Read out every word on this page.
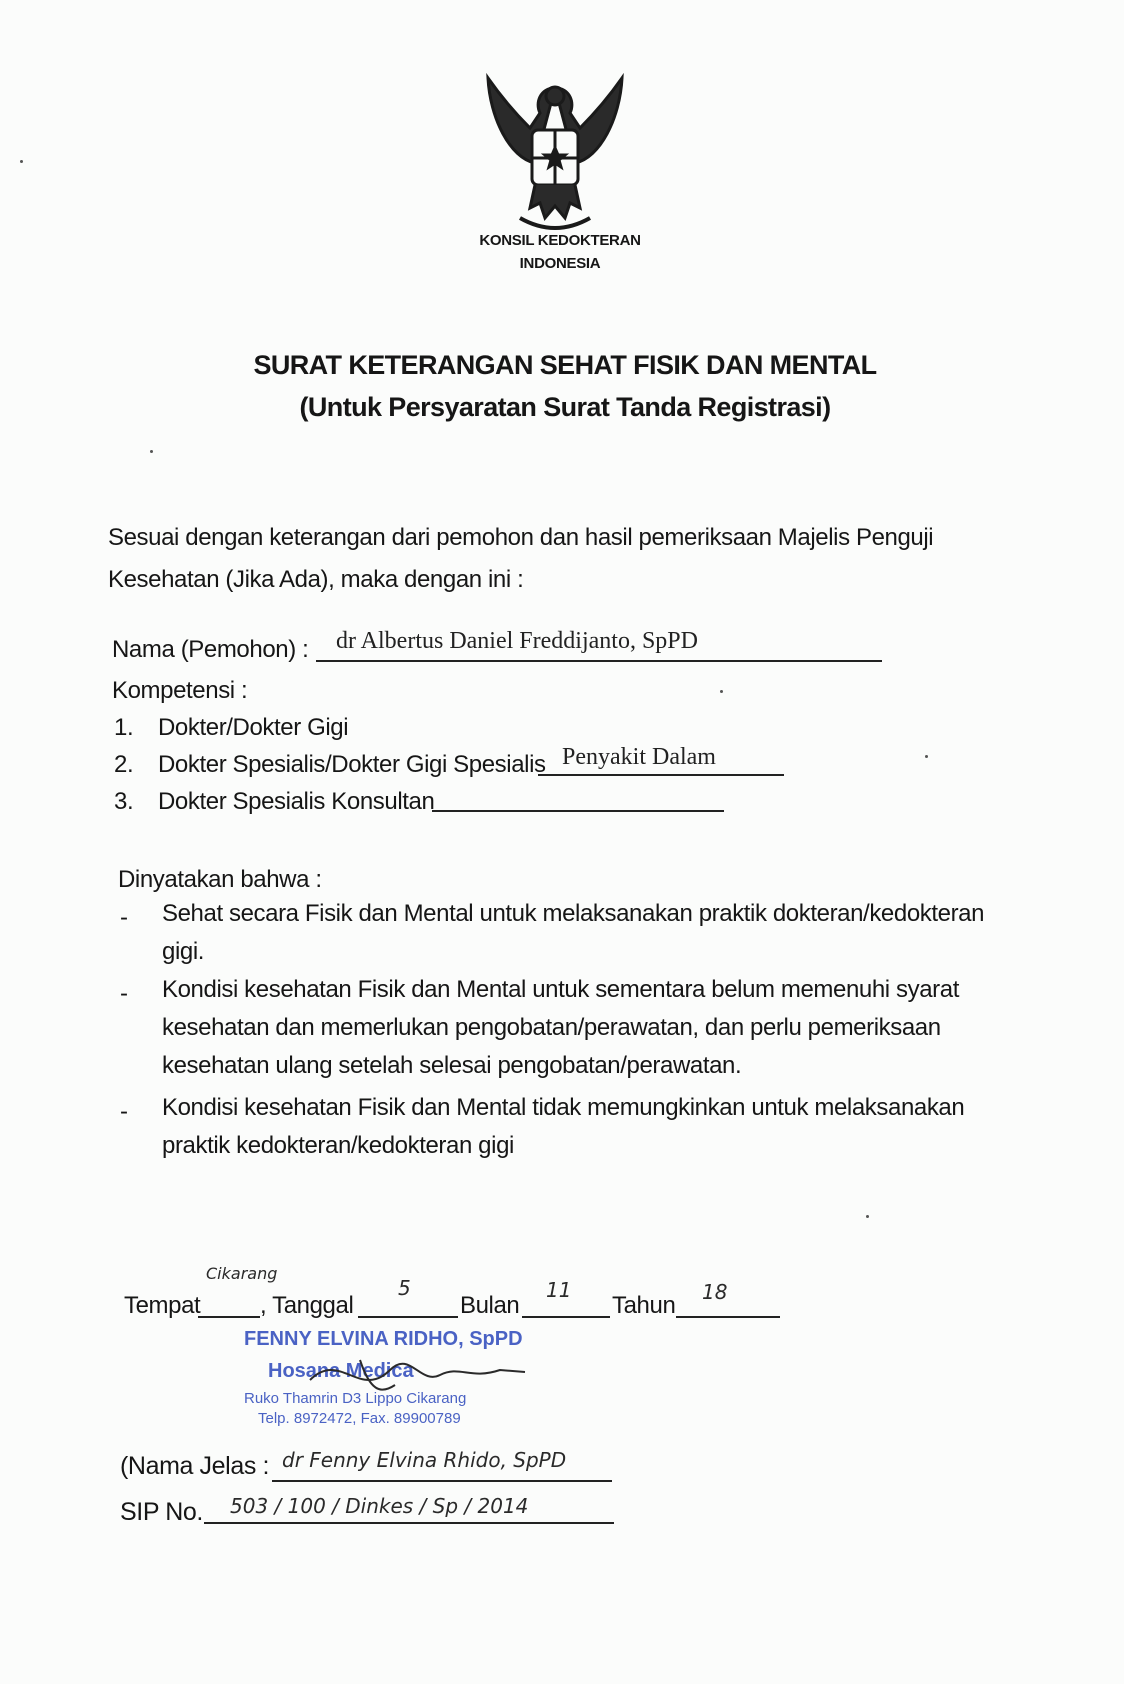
KONSIL KEDOKTERAN
INDONESIA
SURAT KETERANGAN SEHAT FISIK DAN MENTAL
(Untuk Persyaratan Surat Tanda Registrasi)
Sesuai dengan keterangan dari pemohon dan hasil pemeriksaan Majelis Penguji
Kesehatan (Jika Ada), maka dengan ini :
Nama (Pemohon) : dr Albertus Daniel Freddijanto, SpPD
Kompetensi :
1. Dokter/Dokter Gigi
2. Dokter Spesialis/Dokter Gigi Spesialis Penyakit Dalam
3. Dokter Spesialis Konsultan
Dinyatakan bahwa :
- Sehat secara Fisik dan Mental untuk melaksanakan praktik dokteran/kedokteran
gigi.
- Kondisi kesehatan Fisik dan Mental untuk sementara belum memenuhi syarat
kesehatan dan memerlukan pengobatan/perawatan, dan perlu pemeriksaan
kesehatan ulang setelah selesai pengobatan/perawatan.
- Kondisi kesehatan Fisik dan Mental tidak memungkinkan untuk melaksanakan
praktik kedokteran/kedokteran gigi
Tempat
Cikarang
, Tanggal
5
Bulan
11
Tahun 18
FENNY ELVINA RIDHO, SpPD
Hosana Medica
Ruko Thamrin D3 Lippo Cikarang
Telp. 8972472, Fax. 89900789
(Nama Jelas : dr Fenny Elvina Rhido, SpPD
SIP No. 503 / 100 / Dinkes / Sp / 2014
